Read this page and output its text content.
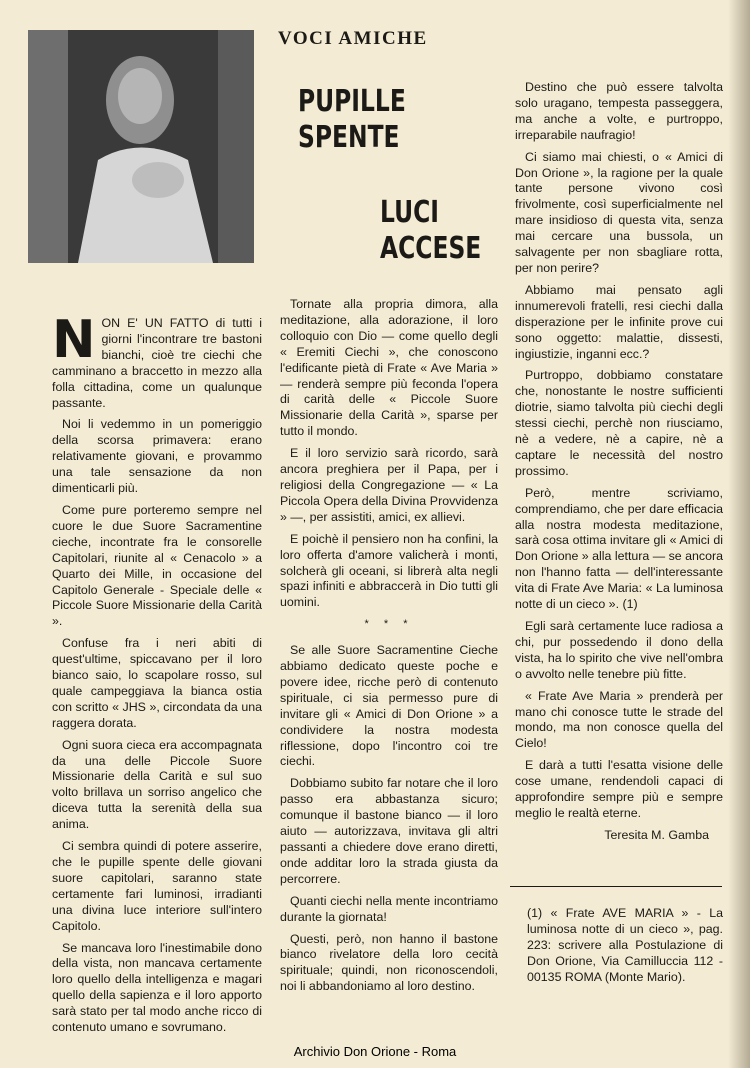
VOCI AMICHE
PUPILLE
SPENTE
LUCI
ACCESE

NON E' UN FATTO di tutti i giorni l'incontrare tre bastoni bianchi, cioè tre ciechi che camminano a braccetto in mezzo alla folla cittadina, come un qualunque passante.

Noi li vedemmo in un pomeriggio della scorsa primavera: erano relativamente giovani, e provammo una tale sensazione da non dimenticarli più.

Come pure porteremo sempre nel cuore le due Suore Sacramentine cieche, incontrate fra le consorelle Capitolari, riunite al « Cenacolo » a Quarto dei Mille, in occasione del Capitolo Generale - Speciale delle « Piccole Suore Missionarie della Carità ».

Confuse fra i neri abiti di quest'ultime, spiccavano per il loro bianco saio, lo scapolare rosso, sul quale campeggiava la bianca ostia con scritto « JHS », circondata da una raggera dorata.

Ogni suora cieca era accompagnata da una delle Piccole Suore Missionarie della Carità e sul suo volto brillava un sorriso angelico che diceva tutta la serenità della sua anima.

Ci sembra quindi di potere asserire, che le pupille spente delle giovani suore capitolari, saranno state certamente fari luminosi, irradianti una divina luce interiore sull'intero Capitolo.

Se mancava loro l'inestimabile dono della vista, non mancava certamente loro quello della intelligenza e magari quello della sapienza e il loro apporto sarà stato per tal modo anche ricco di contenuto umano e sovrumano.

Tornate alla propria dimora, alla meditazione, alla adorazione, il loro colloquio con Dio — come quello degli « Eremiti Ciechi », che conoscono l'edificante pietà di Frate « Ave Maria » — renderà sempre più feconda l'opera di carità delle « Piccole Suore Missionarie della Carità », sparse per tutto il mondo.

E il loro servizio sarà ricordo, sarà ancora preghiera per il Papa, per i religiosi della Congregazione — « La Piccola Opera della Divina Provvidenza » —, per assistiti, amici, ex allievi.

E poichè il pensiero non ha confini, la loro offerta d'amore valicherà i monti, solcherà gli oceani, si librerà alta negli spazi infiniti e abbraccerà in Dio tutti gli uomini.

* * *

Se alle Suore Sacramentine Cieche abbiamo dedicato queste poche e povere idee, ricche però di contenuto spirituale, ci sia permesso pure di invitare gli « Amici di Don Orione » a condividere la nostra modesta riflessione, dopo l'incontro coi tre ciechi.

Dobbiamo subito far notare che il loro passo era abbastanza sicuro; comunque il bastone bianco — il loro aiuto — autorizzava, invitava gli altri passanti a chiedere dove erano diretti, onde additar loro la strada giusta da percorrere.

Quanti ciechi nella mente incontriamo durante la giornata!

Questi, però, non hanno il bastone bianco rivelatore della loro cecità spirituale; quindi, non riconoscendoli, noi li abbandoniamo al loro destino.

Destino che può essere talvolta solo uragano, tempesta passeggera, ma anche a volte, e purtroppo, irreparabile naufragio!

Ci siamo mai chiesti, o « Amici di Don Orione », la ragione per la quale tante persone vivono così frivolmente, così superficialmente nel mare insidioso di questa vita, senza mai cercare una bussola, un salvagente per non sbagliare rotta, per non perire?

Abbiamo mai pensato agli innumerevoli fratelli, resi ciechi dalla disperazione per le infinite prove cui sono oggetto: malattie, dissesti, ingiustizie, inganni ecc.?

Purtroppo, dobbiamo constatare che, nonostante le nostre sufficienti diotrie, siamo talvolta più ciechi degli stessi ciechi, perchè non riusciamo, nè a vedere, nè a capire, nè a captare le necessità del nostro prossimo.

Però, mentre scriviamo, comprendiamo, che per dare efficacia alla nostra modesta meditazione, sarà cosa ottima invitare gli « Amici di Don Orione » alla lettura — se ancora non l'hanno fatta — dell'interessante vita di Frate Ave Maria: « La luminosa notte di un cieco ». (1)

Egli sarà certamente luce radiosa a chi, pur possedendo il dono della vista, ha lo spirito che vive nell'ombra o avvolto nelle tenebre più fitte.

« Frate Ave Maria » prenderà per mano chi conosce tutte le strade del mondo, ma non conosce quella del Cielo!

E darà a tutti l'esatta visione delle cose umane, rendendoli capaci di approfondire sempre più e sempre meglio le realtà eterne.

Teresita M. Gamba

(1) « Frate AVE MARIA » - La luminosa notte di un cieco », pag. 223: scrivere alla Postulazione di Don Orione, Via Camilluccia 112 - 00135 ROMA (Monte Mario).
Archivio Don Orione - Roma
